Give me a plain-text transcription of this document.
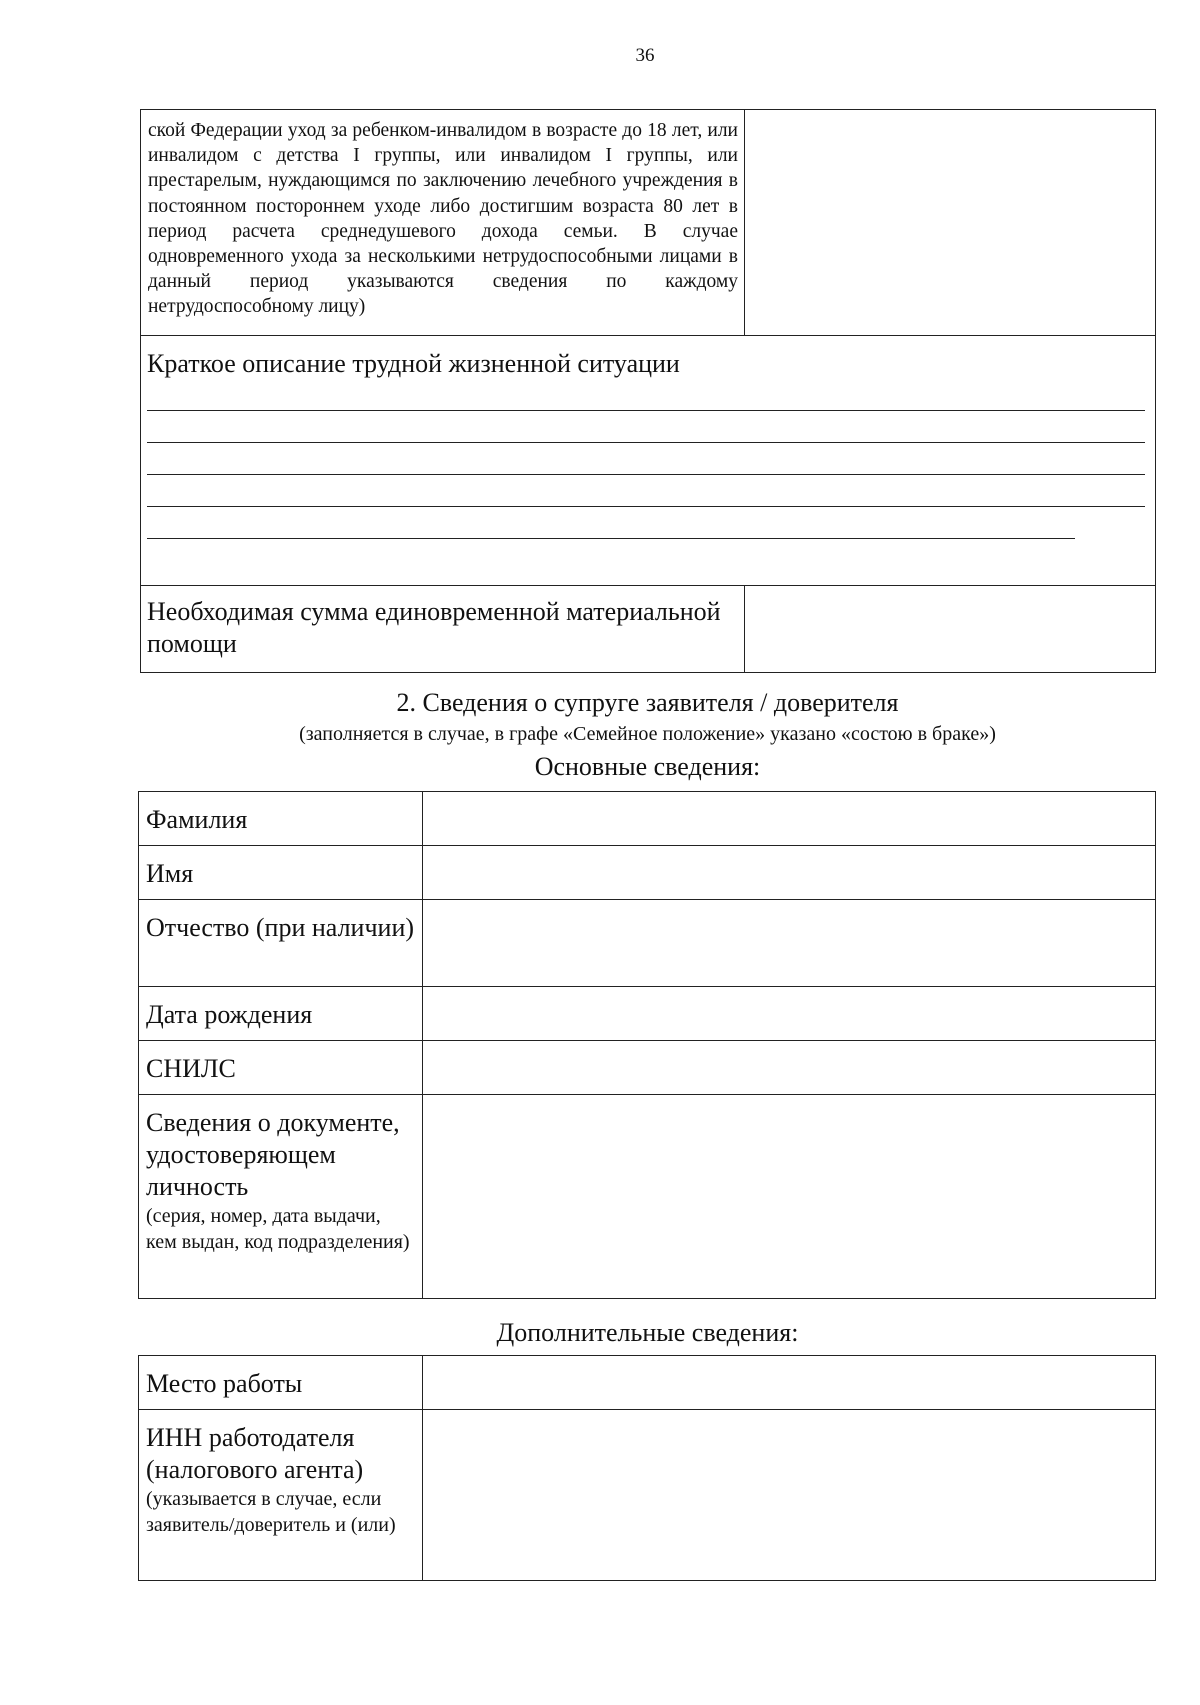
36
ской Федерации уход за ребенком-инвалидом в возрасте до 18 лет, или инвалидом с детства I группы, или инвалидом I группы, или престарелым, нуждающимся по заключению лечебного учреждения в постоянном постороннем уходе либо достигшим возраста 80 лет в период расчета среднедушевого дохода семьи. В случае одновременного ухода за несколькими нетрудоспособными лицами в данный период указываются сведения по каждому нетрудоспособному лицу)	

Краткое описание трудной жизненной ситуации	

Необходимая сумма единовременной материальной помощи	
2. Сведения о супруге заявителя / доверителя
(заполняется в случае, в графе «Семейное положение» указано «состою в браке»)
Основные сведения:
Фамилия	
Имя	
Отчество (при наличии)	
Дата рождения	
СНИЛС	

Сведения о документе, удостоверяющем личность
(серия, номер, дата выдачи, кем выдан, код подразделения)	

Дополнительные сведения:
Место работы	

ИНН работодателя (налогового агента)
(указывается в случае, если заявитель/доверитель и (или)	
